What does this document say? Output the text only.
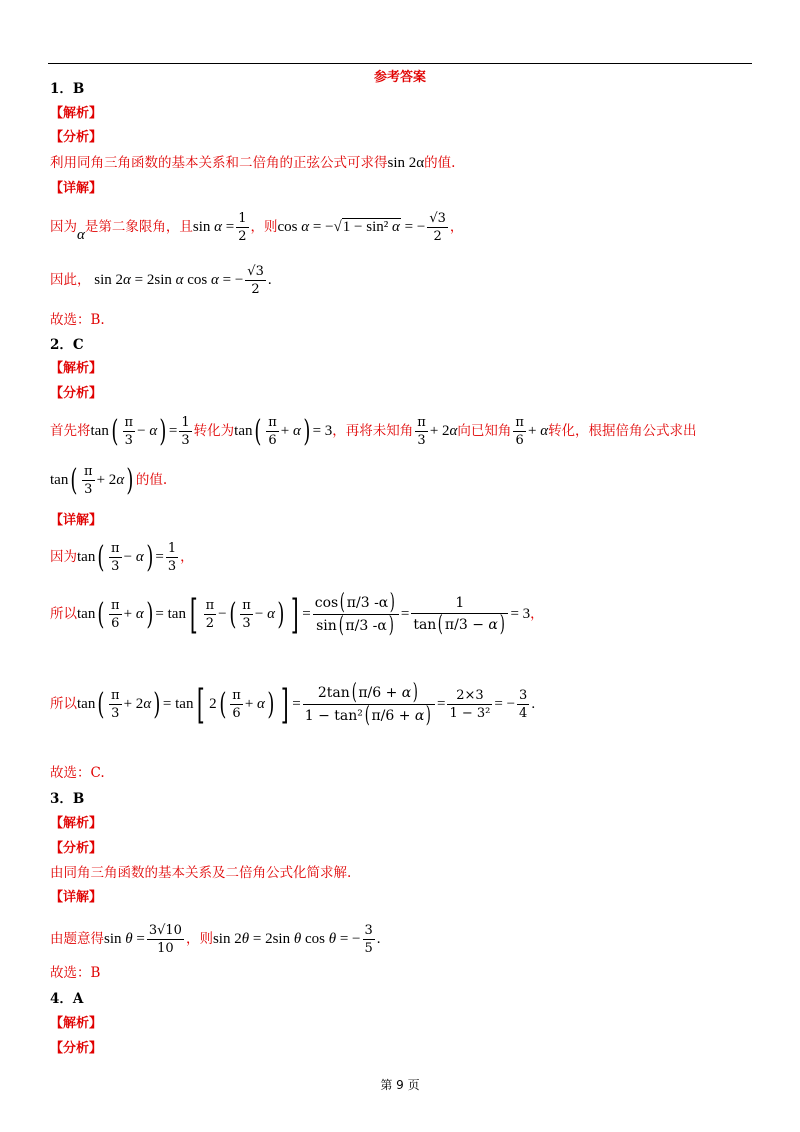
参考答案
1．B
【解析】
【分析】
利用同角三角函数的基本关系和二倍角的正弦公式可求得sin 2α的值.
【详解】
因为α是第二象限角，且$\sin \alpha = \frac{1}{2}$ ，则cos α = −√1 − sin² α = − $\frac{√3}{2}$ ，
因此， sin 2α = 2sin α cos α = − $\frac{√3}{2}$ .
故选：B.
2．C
【解析】
【分析】
首先将$\tan( \frac{\pi}{3} - \alpha) = \frac{1}{3}$ 转化为$\tan( \frac{\pi}{6} + \alpha) = 3$，再将未知角 $\frac{\pi}{3} + 2\alpha$向已知角 $\frac{\pi}{6} + \alpha$转化，根据倍角公式求出
$\tan( \frac{\pi}{3} + 2\alpha)$ 的值.
【详解】
因为$\tan( \frac{\pi}{3} - \alpha) = \frac{1}{3}$ ，
所以$\tan( \frac{\pi}{6} + \alpha) = \tan[ \frac{\pi}{2}$ −( $\frac{\pi}{3} - \alpha$) ] = $\frac{\cos( \pi/3 -\alpha)}{\sin( \pi/3 -\alpha)} = \frac{1}{\tan( \pi/3 - \alpha)} = 3$，
所以$\tan( \frac{\pi}{3} + 2\alpha) = \tan$[ $2( \frac{\pi}{6} + \alpha)$ ] = $\frac{2\tan( \pi/6 + \alpha)}{\text{1 − tan²( π/6 + α)}} = \frac{2\times 3}{\text{1 − 3²}}$ = − $\frac{3}{4}$ .
故选：C.
3．B
【解析】
【分析】
由同角三角函数的基本关系及二倍角公式化简求解.
【详解】
由题意得$\sin \theta = \frac{3√10}{10}$ ，则sin 2θ = 2sin θ cos θ = − $\frac{3}{5}$ .
故选：B
4．A
【解析】
【分析】
第 9 页
